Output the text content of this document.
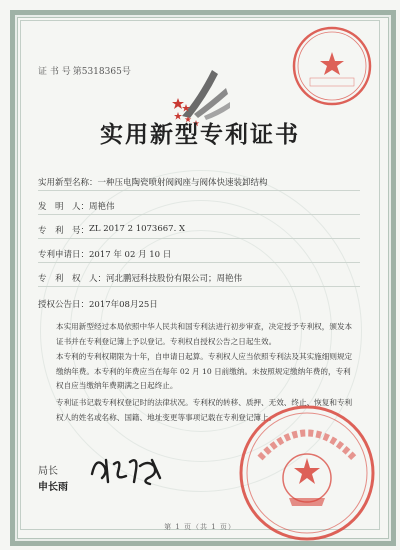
证 书 号 第5318365号
实用新型专利证书
实用新型名称： 一种压电陶瓷喷射阀阀座与阀体快速装卸结构
发　明　人： 周艳伟
专　利　号： ZL 2017 2 1073667. X
专利申请日： 2017 年 02 月 10 日
专　利　权　人： 河北鹏冠科技股份有限公司；周艳伟
授权公告日： 2017年08月25日
本实用新型经过本局依照中华人民共和国专利法进行初步审查，决定授予专利权，颁发本证书并在专利登记簿上予以登记。专利权自授权公告之日起生效。
本专利的专利权期限为十年，自申请日起算。专利权人应当依照专利法及其实施细则规定缴纳年费。本专利的年费应当在每年 02 月 10 日前缴纳。未按照规定缴纳年费的，专利权自应当缴纳年费期满之日起终止。
专利证书记载专利权登记时的法律状况。专利权的转移、质押、无效、终止、恢复和专利权人的姓名或名称、国籍、地址变更等事项记载在专利登记簿上。
局长
申长雨
第 1 页（共 1 页）
